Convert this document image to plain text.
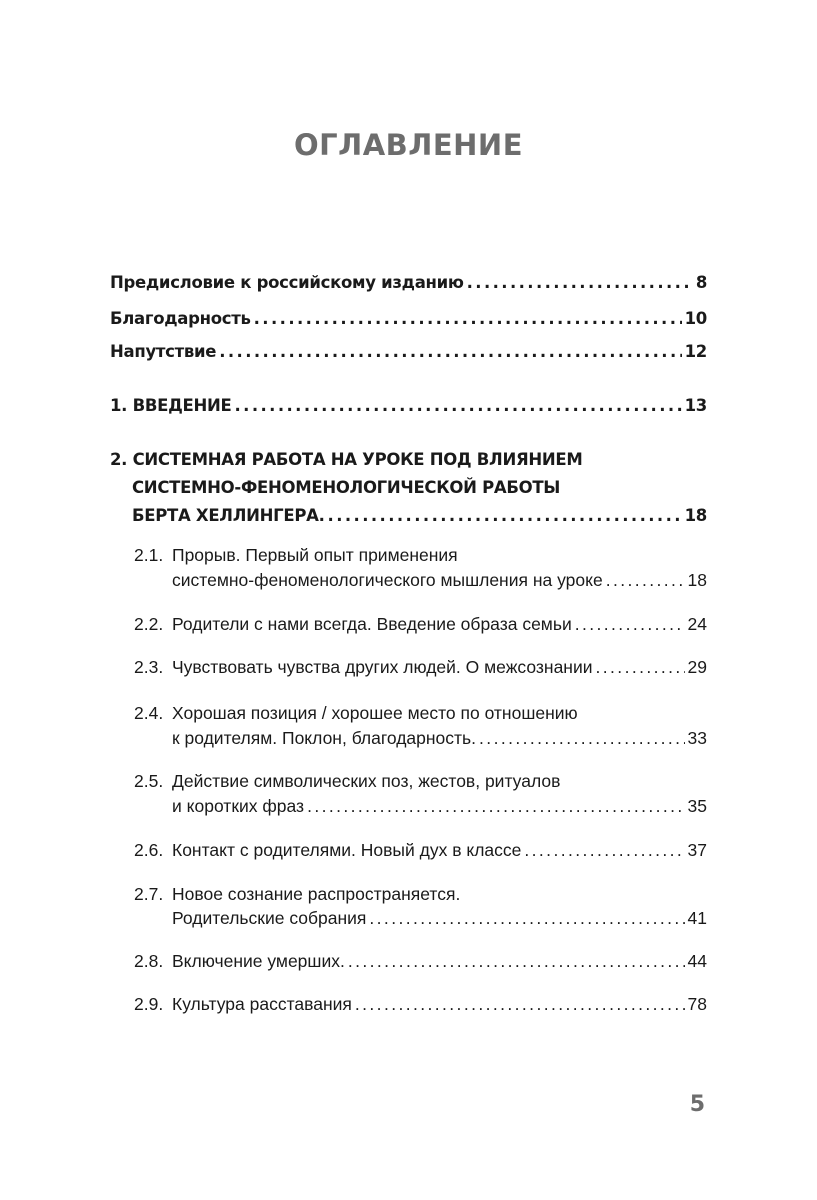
ОГЛАВЛЕНИЕ
Предисловие к российскому изданию .....	8
Благодарность .....	10
Напутствие .....	12
1. ВВЕДЕНИЕ .....	13
2. СИСТЕМНАЯ РАБОТА НА УРОКЕ ПОД ВЛИЯНИЕМ
СИСТЕМНО-ФЕНОМЕНОЛОГИЧЕСКОЙ РАБОТЫ
БЕРТА ХЕЛЛИНГЕРА. .....	18
2.1. Прорыв. Первый опыт применения
системно-феноменологического мышления на уроке .....	18
2.2. Родители с нами всегда. Введение образа семьи .....	24
2.3. Чувствовать чувства других людей. О межсознании .....	29
2.4. Хорошая позиция / хорошее место по отношению
к родителям. Поклон, благодарность. .....	33
2.5. Действие символических поз, жестов, ритуалов
и коротких фраз .....	35
2.6. Контакт с родителями. Новый дух в классе .....	37
2.7. Новое сознание распространяется.
Родительские собрания .....	41
2.8. Включение умерших. .....	44
2.9. Культура расставания .....	78
5
